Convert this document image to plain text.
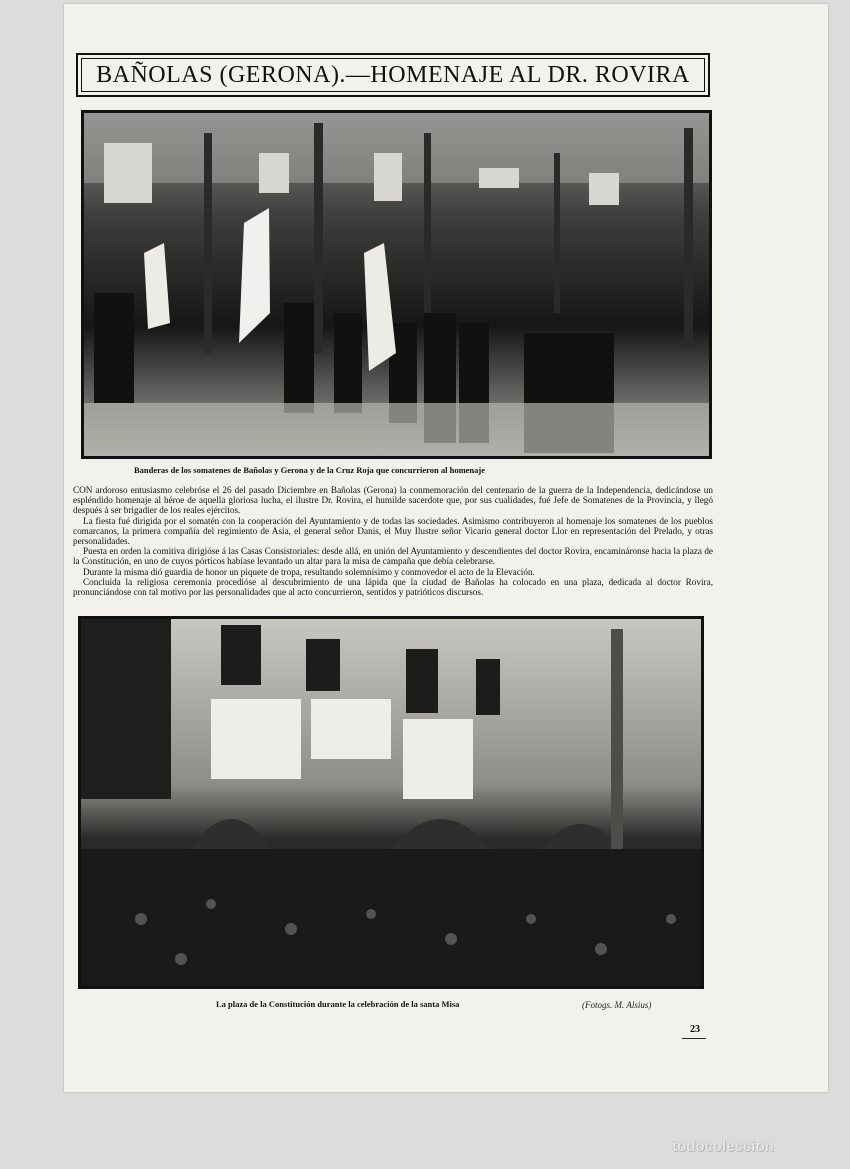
BAÑOLAS (GERONA).—HOMENAJE AL DR. ROVIRA
Banderas de los somatenes de Bañolas y Gerona y de la Cruz Roja que concurrieron al homenaje

CON ardoroso entusiasmo celebróse el 26 del pasado Diciembre en Bañolas (Gerona) la conmemoración del centenario de la guerra de la Independencia, dedicándose un espléndido homenaje al héroe de aquella gloriosa lucha, el ilustre Dr. Rovira, el humilde sacerdote que, por sus cualidades, fué Jefe de Somatenes de la Provincia, y llegó después á ser brigadier de los reales ejércitos.

La fiesta fué dirigida por el somatén con la cooperación del Ayuntamiento y de todas las sociedades. Asimismo contribuyeron al homenaje los somatenes de los pueblos comarcanos, la primera compañía del regimiento de Asia, el general señor Danis, el Muy Ilustre señor Vicario general doctor Llor en representación del Prelado, y otras personalidades.

Puesta en orden la comitiva dirigióse á las Casas Consistoriales: desde allá, en unión del Ayuntamiento y descendientes del doctor Rovira, encamináronse hacia la plaza de la Constitución, en uno de cuyos pórticos habíase levantado un altar para la misa de campaña que debía celebrarse.

Durante la misma dió guardia de honor un piquete de tropa, resultando solemnísimo y conmovedor el acto de la Elevación.

Concluída la religiosa ceremonia procedióse al descubrimiento de una lápida que la ciudad de Bañolas ha colocado en una plaza, dedicada al doctor Rovira, pronunciándose con tal motivo por las personalidades que al acto concurrieron, sentidos y patrióticos discursos.

La plaza de la Constitución durante la celebración de la santa Misa	(Fotogs. M. Alsius)
23
todocoleccion
